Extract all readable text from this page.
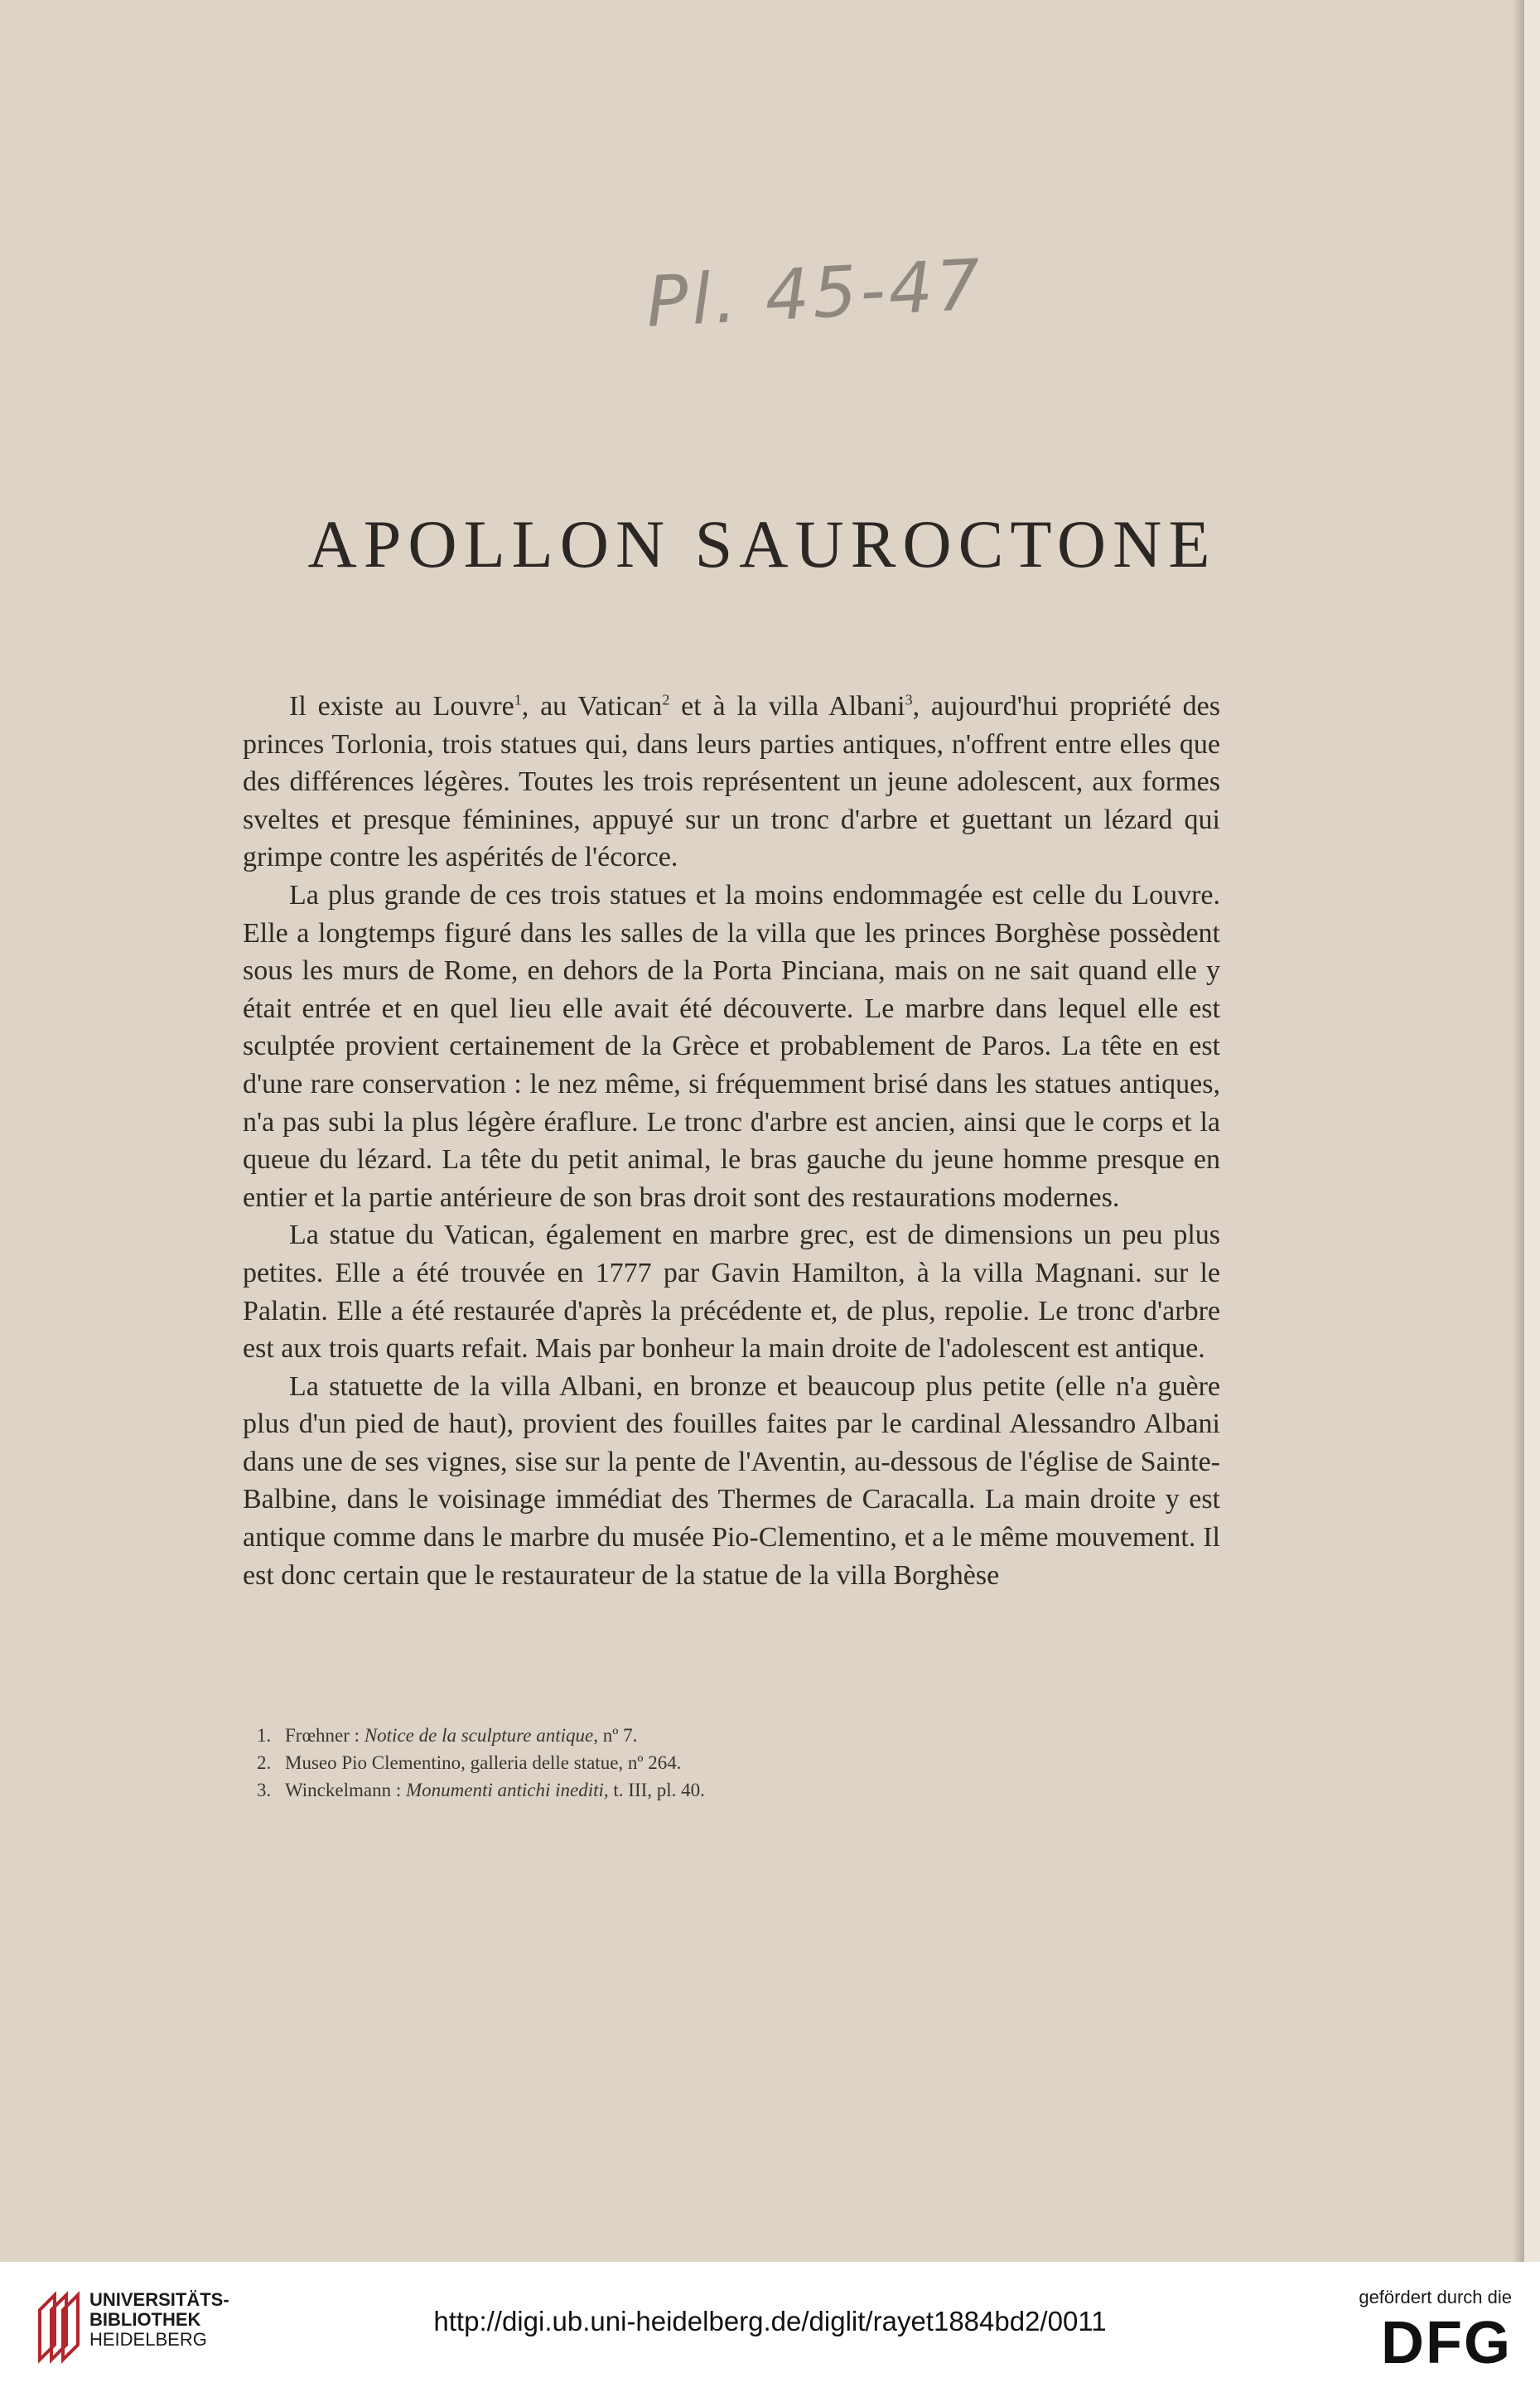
Pl. 45-47
APOLLON SAUROCTONE

Il existe au Louvre$^1$, au Vatican$^2$ et à la villa Albani$^3$, aujourd'hui propriété des princes Torlonia, trois statues qui, dans leurs parties antiques, n'offrent entre elles que des différences légères. Toutes les trois représentent un jeune adolescent, aux formes sveltes et presque féminines, appuyé sur un tronc d'arbre et guettant un lézard qui grimpe contre les aspérités de l'écorce.

La plus grande de ces trois statues et la moins endommagée est celle du Louvre. Elle a longtemps figuré dans les salles de la villa que les princes Borghèse possèdent sous les murs de Rome, en dehors de la Porta Pinciana, mais on ne sait quand elle y était entrée et en quel lieu elle avait été découverte. Le marbre dans lequel elle est sculptée provient certainement de la Grèce et probablement de Paros. La tête en est d'une rare conservation : le nez même, si fréquemment brisé dans les statues antiques, n'a pas subi la plus légère éraflure. Le tronc d'arbre est ancien, ainsi que le corps et la queue du lézard. La tête du petit animal, le bras gauche du jeune homme presque en entier et la partie antérieure de son bras droit sont des restaurations modernes.

La statue du Vatican, également en marbre grec, est de dimensions un peu plus petites. Elle a été trouvée en 1777 par Gavin Hamilton, à la villa Magnani. sur le Palatin. Elle a été restaurée d'après la précédente et, de plus, repolie. Le tronc d'arbre est aux trois quarts refait. Mais par bonheur la main droite de l'adolescent est antique.

La statuette de la villa Albani, en bronze et beaucoup plus petite (elle n'a guère plus d'un pied de haut), provient des fouilles faites par le cardinal Alessandro Albani dans une de ses vignes, sise sur la pente de l'Aventin, au-dessous de l'église de Sainte-Balbine, dans le voisinage immédiat des Thermes de Caracalla. La main droite y est antique comme dans le marbre du musée Pio-Clementino, et a le même mouvement. Il est donc certain que le restaurateur de la statue de la villa Borghèse

1. Frœhner : Notice de la sculpture antique, nº 7.
2. Museo Pio Clementino, galleria delle statue, nº 264.
3. Winckelmann : Monumenti antichi inediti, t. III, pl. 40.
UNIVERSITÄTS-
BIBLIOTHEK
HEIDELBERG
http://digi.ub.uni-heidelberg.de/diglit/rayet1884bd2/0011
gefördert durch die
DFG
